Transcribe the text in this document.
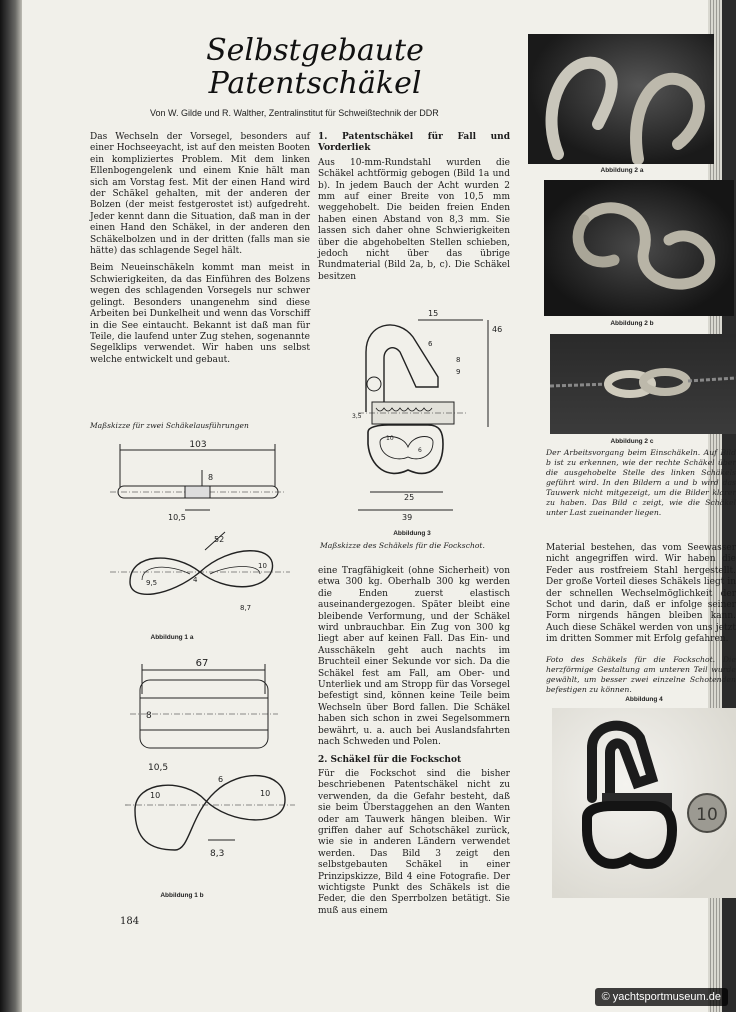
Selbstgebaute
Patentschäkel
Von W. Gilde und R. Walther, Zentralinstitut für Schweißtechnik der DDR

Das Wechseln der Vorsegel, besonders auf einer Hochseeyacht, ist auf den meisten Booten ein kompliziertes Problem. Mit dem linken Ellenbogengelenk und einem Knie hält man sich am Vorstag fest. Mit der einen Hand wird der Schäkel gehalten, mit der anderen der Bolzen (der meist festgerostet ist) aufgedreht. Jeder kennt dann die Situation, daß man in der einen Hand den Schäkel, in der anderen den Schäkelbolzen und in der dritten (falls man sie hätte) das schlagende Segel hält.

Beim Neueinschäkeln kommt man meist in Schwierigkeiten, da das Einführen des Bolzens wegen des schlagenden Vorsegels nur schwer gelingt. Besonders unangenehm sind diese Arbeiten bei Dunkelheit und wenn das Vorschiff in die See eintaucht. Bekannt ist daß man für Teile, die laufend unter Zug stehen, sogenannte Segelklips verwendet. Wir haben uns selbst welche entwickelt und gebaut.

Maßskizze für zwei Schäkelausführungen
103
8
10,5
52
9,5
10
4
8,7
Abbildung 1 a
67
8
10,5
6
10	10
8,3
Abbildung 1 b
184
1. Patentschäkel für Fall und Vorderliek

Aus 10-mm-Rundstahl wurden die Schäkel achtförmig gebogen (Bild 1a und b). In jedem Bauch der Acht wurden 2 mm auf einer Breite von 10,5 mm weggehobelt. Die beiden freien Enden haben einen Abstand von 8,3 mm. Sie lassen sich daher ohne Schwierigkeiten über die abgehobelten Stellen schieben, jedoch nicht über das übrige Rundmaterial (Bild 2a, b, c). Die Schäkel besitzen

15
46
6
8
9
3,5
10
25
39
6
Abbildung 3
Maßskizze des Schäkels für die Fockschot.

eine Tragfähigkeit (ohne Sicherheit) von etwa 300 kg. Oberhalb 300 kg werden die Enden zuerst elastisch auseinandergezogen. Später bleibt eine bleibende Verformung, und der Schäkel wird unbrauchbar. Ein Zug von 300 kg liegt aber auf keinen Fall. Das Ein- und Ausschäkeln geht auch nachts im Bruchteil einer Sekunde vor sich. Da die Schäkel fest am Fall, am Ober- und Unterliek und am Stropp für das Vorsegel befestigt sind, können keine Teile beim Wechseln über Bord fallen. Die Schäkel haben sich schon in zwei Segelsommern bewährt, u. a. auch bei Auslandsfahrten nach Schweden und Polen.

2. Schäkel für die Fockschot

Für die Fockschot sind die bisher beschriebenen Patentschäkel nicht zu verwenden, da die Gefahr besteht, daß sie beim Überstaggehen an den Wanten oder am Tauwerk hängen bleiben. Wir griffen daher auf Schotschäkel zurück, wie sie in anderen Ländern verwendet werden. Das Bild 3 zeigt den selbstgebauten Schäkel in einer Prinzipskizze, Bild 4 eine Fotografie. Der wichtigste Punkt des Schäkels ist die Feder, die den Sperrbolzen betätigt. Sie muß aus einem

Abbildung 2 a
Abbildung 2 b
Abbildung 2 c
Der Arbeitsvorgang beim Einschäkeln. Auf Bild b ist zu erkennen, wie der rechte Schäkel über die ausgehobelte Stelle des linken Schäkels geführt wird. In den Bildern a und b wird das Tauwerk nicht mitgezeigt, um die Bilder klarer zu haben. Das Bild c zeigt, wie die Schäkel unter Last zueinander liegen.

Material bestehen, das vom Seewasser nicht angegriffen wird. Wir haben die Feder aus rostfreiem Stahl hergestellt. Der große Vorteil dieses Schäkels liegt in der schnellen Wechselmöglichkeit der Schot und darin, daß er infolge seiner Form nirgends hängen bleiben kann. Auch diese Schäkel werden von uns jetzt im dritten Sommer mit Erfolg gefahren.

Foto des Schäkels für die Fockschot. Die herzförmige Gestaltung am unteren Teil wurde gewählt, um besser zwei einzelne Schotenden befestigen zu können.
Abbildung 4
10
© yachtsportmuseum.de
